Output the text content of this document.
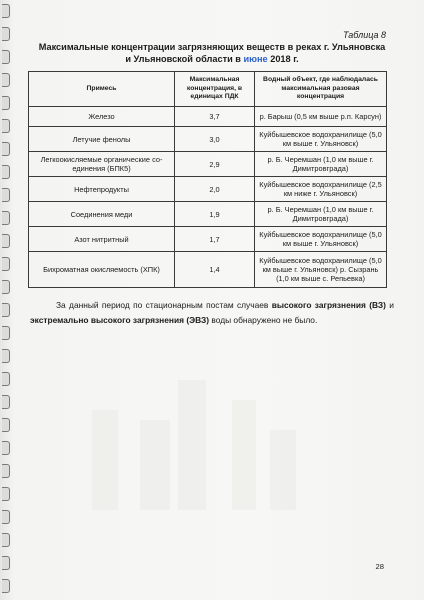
Таблица 8
Максимальные концентрации загрязняющих веществ в реках г. Ульяновска
и Ульяновской области в июне 2018 г.
Примесь	Максимальная концентрация, в единицах ПДК	Водный объект, где наблюдалась максимальная разовая концентрация
Железо	3,7	р. Барыш (0,5 км выше р.п. Карсун)
Летучие фенолы	3,0	Куйбышевское водохранилище (5,0 км выше г. Ульяновск)
Легкоокисляемые органические со-единения (БПК5)	2,9	р. Б. Черемшан (1,0 км выше г. Димитровграда)
Нефтепродукты	2,0	Куйбышевское водохранилище (2,5 км ниже г. Ульяновск)
Соединения меди	1,9	р. Б. Черемшан (1,0 км выше г. Димитровграда)
Азот нитритный	1,7	Куйбышевское водохранилище (5,0 км выше г. Ульяновск)
Бихроматная окисляемость (ХПК)	1,4	Куйбышевское водохранилище (5,0 км выше г. Ульяновск) р. Сызрань (1,0 км выше с. Репьевка)
За данный период по стационарным постам случаев высокого загрязнения (ВЗ) и экстремально высокого загрязнения (ЭВЗ) воды обнаружено не было.
28
